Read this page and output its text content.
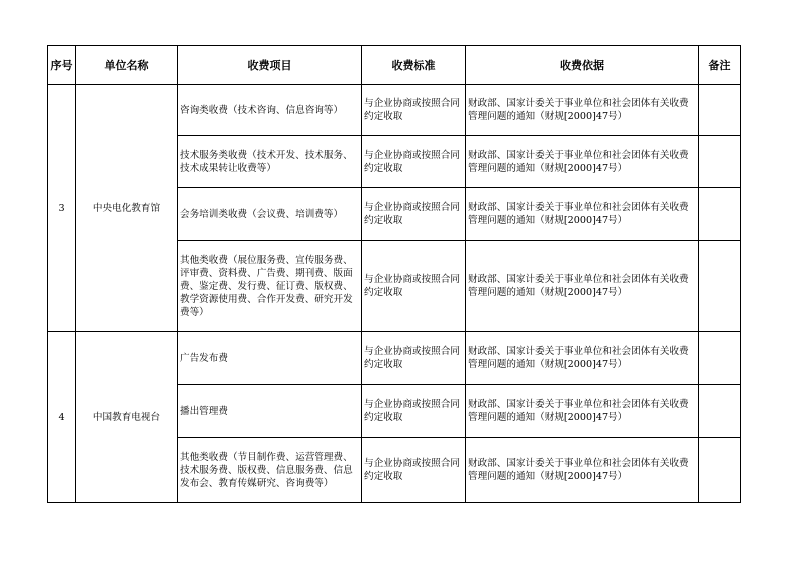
序号	单位名称	收费项目	收费标准	收费依据	备注
3	中央电化教育馆	咨询类收费（技术咨询、信息咨询等）	与企业协商或按照合同约定收取	财政部、国家计委关于事业单位和社会团体有关收费管理问题的通知（财规[2000]47号）	
		技术服务类收费（技术开发、技术服务、技术成果转让收费等）	与企业协商或按照合同约定收取	财政部、国家计委关于事业单位和社会团体有关收费管理问题的通知（财规[2000]47号）	
		会务培训类收费（会议费、培训费等）	与企业协商或按照合同约定收取	财政部、国家计委关于事业单位和社会团体有关收费管理问题的通知（财规[2000]47号）	
		其他类收费（展位服务费、宣传服务费、评审费、资料费、广告费、期刊费、版面费、鉴定费、发行费、征订费、版权费、教学资源使用费、合作开发费、研究开发费等）	与企业协商或按照合同约定收取	财政部、国家计委关于事业单位和社会团体有关收费管理问题的通知（财规[2000]47号）	
4	中国教育电视台	广告发布费	与企业协商或按照合同约定收取	财政部、国家计委关于事业单位和社会团体有关收费管理问题的通知（财规[2000]47号）	
		播出管理费	与企业协商或按照合同约定收取	财政部、国家计委关于事业单位和社会团体有关收费管理问题的通知（财规[2000]47号）	
		其他类收费（节目制作费、运营管理费、技术服务费、版权费、信息服务费、信息发布会、教育传媒研究、咨询费等）	与企业协商或按照合同约定收取	财政部、国家计委关于事业单位和社会团体有关收费管理问题的通知（财规[2000]47号）	
